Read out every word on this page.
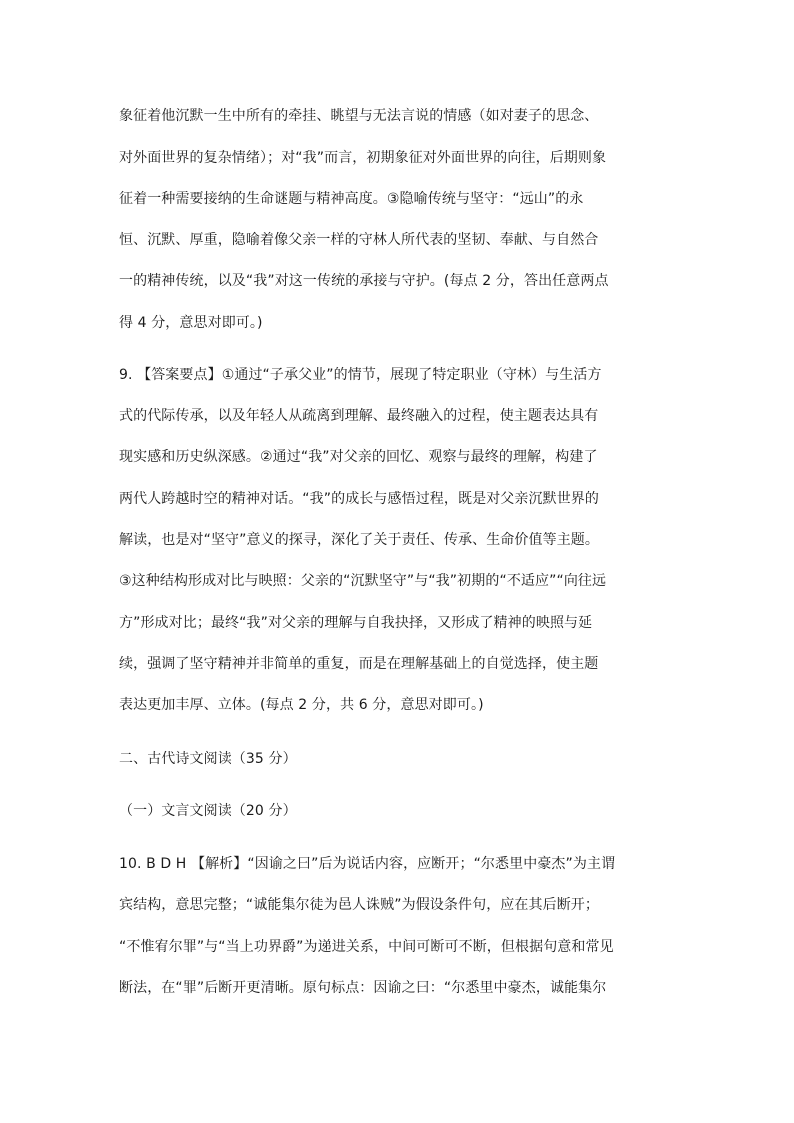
象征着他沉默一生中所有的牵挂、眺望与无法言说的情感（如对妻子的思念、
对外面世界的复杂情绪）；对“我”而言，初期象征对外面世界的向往，后期则象
征着一种需要接纳的生命谜题与精神高度。③隐喻传统与坚守：“远山”的永
恒、沉默、厚重，隐喻着像父亲一样的守林人所代表的坚韧、奉献、与自然合
一的精神传统，以及“我”对这一传统的承接与守护。(每点 2 分，答出任意两点
得 4 分，意思对即可。)
9. 【答案要点】①通过“子承父业”的情节，展现了特定职业（守林）与生活方
式的代际传承，以及年轻人从疏离到理解、最终融入的过程，使主题表达具有
现实感和历史纵深感。②通过“我”对父亲的回忆、观察与最终的理解，构建了
两代人跨越时空的精神对话。“我”的成长与感悟过程，既是对父亲沉默世界的
解读，也是对“坚守”意义的探寻，深化了关于责任、传承、生命价值等主题。
③这种结构形成对比与映照：父亲的“沉默坚守”与“我”初期的“不适应”“向往远
方”形成对比；最终“我”对父亲的理解与自我抉择，又形成了精神的映照与延
续，强调了坚守精神并非简单的重复，而是在理解基础上的自觉选择，使主题
表达更加丰厚、立体。(每点 2 分，共 6 分，意思对即可。)
二、古代诗文阅读（35 分）
（一）文言文阅读（20 分）
10. B D H 【解析】“因谕之曰”后为说话内容，应断开；“尔悉里中豪杰”为主谓
宾结构，意思完整；“诚能集尔徒为邑人诛贼”为假设条件句，应在其后断开；
“不惟宥尔罪”与“当上功界爵”为递进关系，中间可断可不断，但根据句意和常见
断法，在“罪”后断开更清晰。原句标点：因谕之曰：“尔悉里中豪杰，诚能集尔
